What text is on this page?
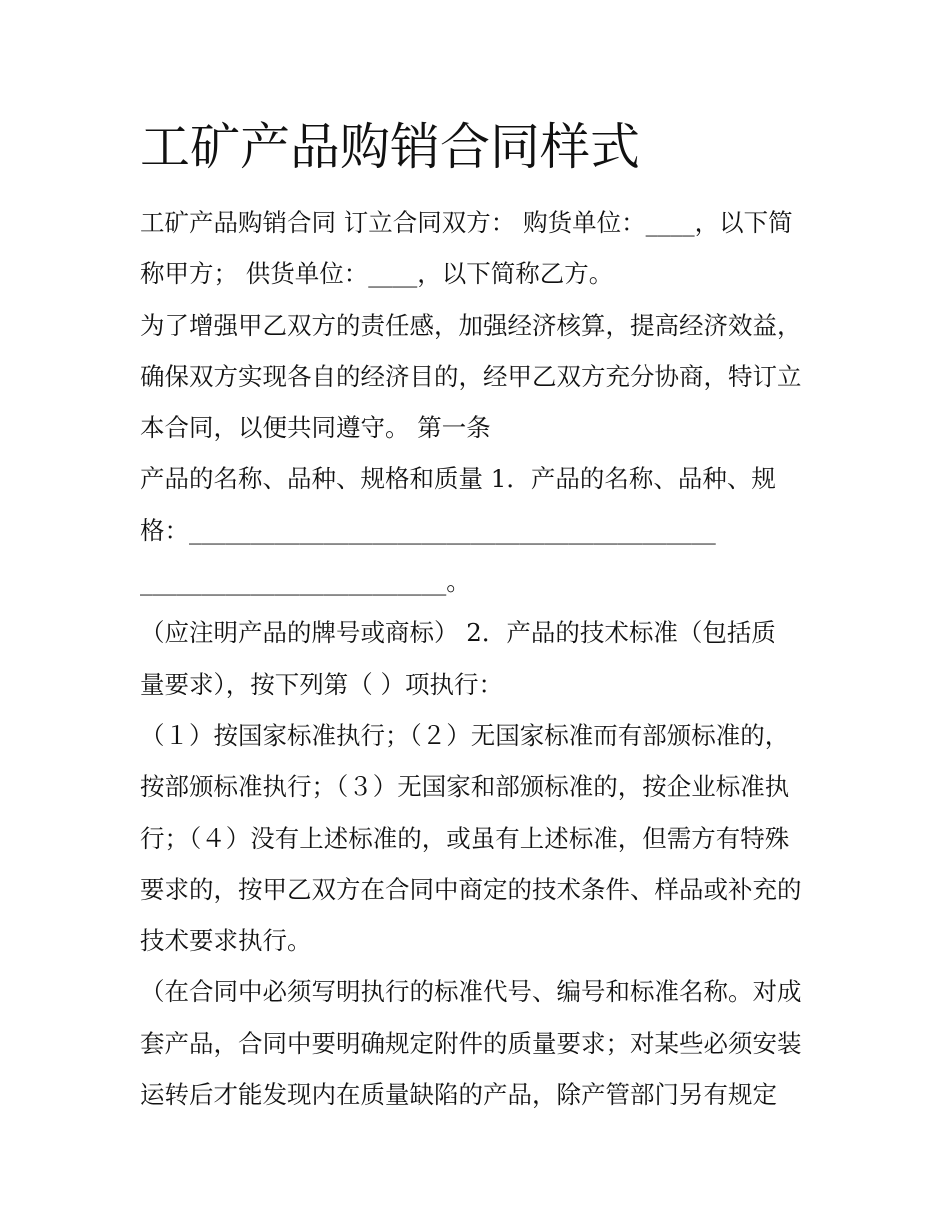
工矿产品购销合同样式
工矿产品购销合同 订立合同双方： 购货单位：____，以下简
称甲方； 供货单位：____，以下简称乙方。
为了增强甲乙双方的责任感，加强经济核算，提高经济效益，
确保双方实现各自的经济目的，经甲乙双方充分协商，特订立
本合同，以便共同遵守。 第一条
产品的名称、品种、规格和质量 1．产品的名称、品种、规
格：___________________________________________
_________________________。
（应注明产品的牌号或商标） 2．产品的技术标准（包括质
量要求），按下列第（ ）项执行：
（１）按国家标准执行；（２）无国家标准而有部颁标准的，
按部颁标准执行；（３）无国家和部颁标准的，按企业标准执
行；（４）没有上述标准的，或虽有上述标准，但需方有特殊
要求的，按甲乙双方在合同中商定的技术条件、样品或补充的
技术要求执行。
（在合同中必须写明执行的标准代号、编号和标准名称。对成
套产品，合同中要明确规定附件的质量要求；对某些必须安装
运转后才能发现内在质量缺陷的产品，除产管部门另有规定
